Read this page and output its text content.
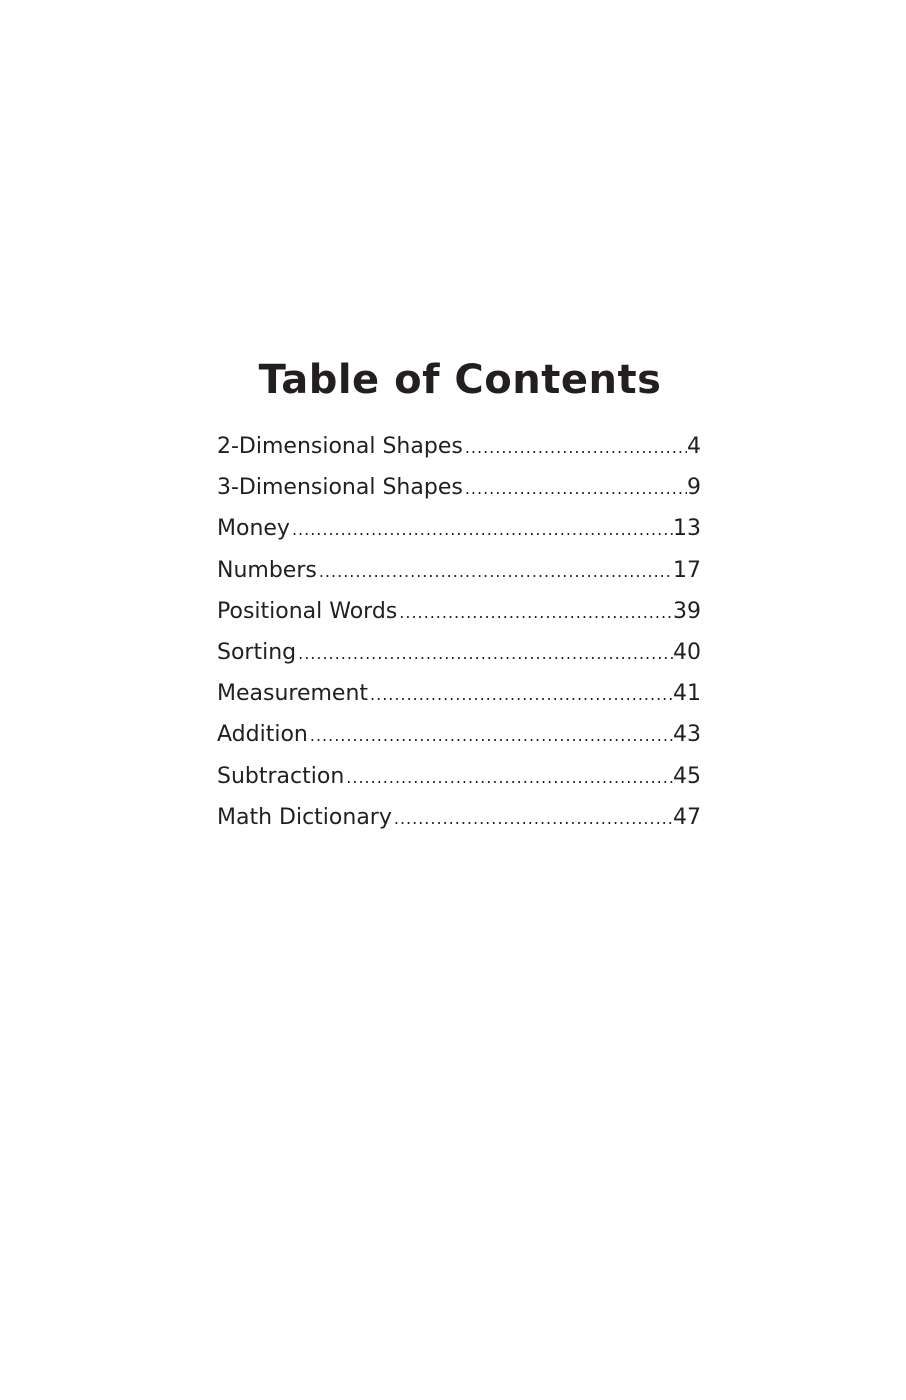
Table of Contents
2-Dimensional Shapes .....	4
3-Dimensional Shapes .....	9
Money .....	13
Numbers .....	17
Positional Words .....	39
Sorting .....	40
Measurement .....	41
Addition .....	43
Subtraction .....	45
Math Dictionary .....	47
